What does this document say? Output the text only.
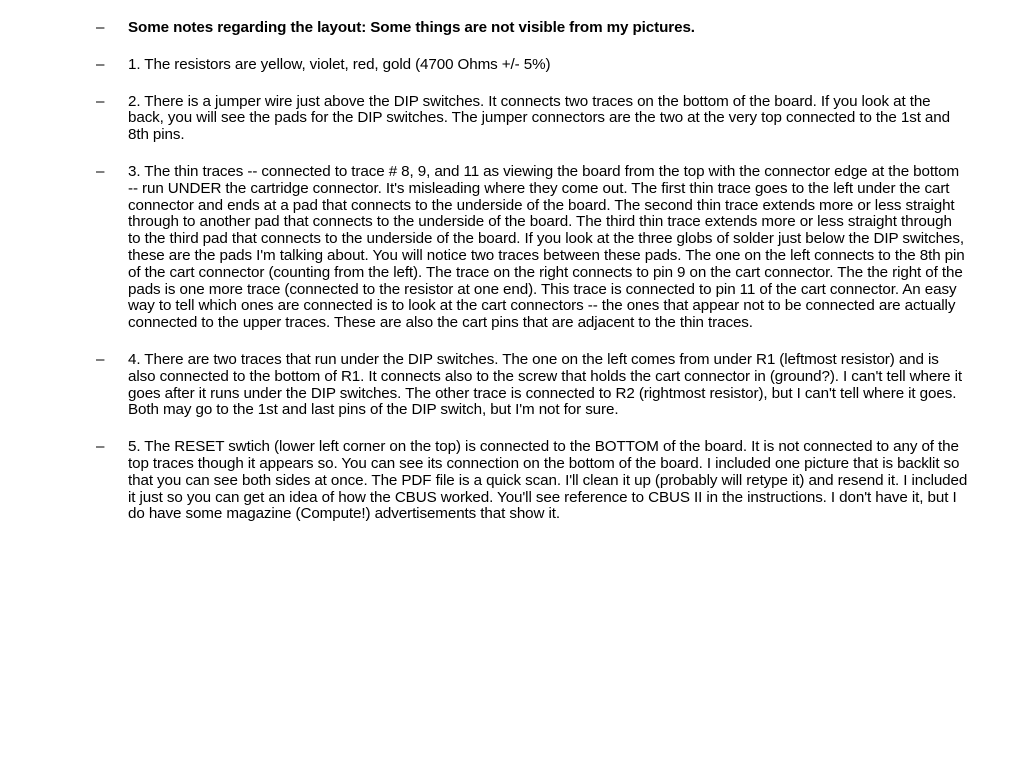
– Some notes regarding the layout: Some things are not visible from my pictures.
– 1. The resistors are yellow, violet, red, gold (4700 Ohms +/- 5%)
– 2. There is a jumper wire just above the DIP switches. It connects two traces on the bottom of the board. If you look at the back, you will see the pads for the DIP switches. The jumper connectors are the two at the very top connected to the 1st and 8th pins.
– 3. The thin traces -- connected to trace # 8, 9, and 11 as viewing the board from the top with the connector edge at the bottom -- run UNDER the cartridge connector. It's misleading where they come out. The first thin trace goes to the left under the cart connector and ends at a pad that connects to the underside of the board. The second thin trace extends more or less straight through to another pad that connects to the underside of the board. The third thin trace extends more or less straight through to the third pad that connects to the underside of the board. If you look at the three globs of solder just below the DIP switches, these are the pads I'm talking about. You will notice two traces between these pads. The one on the left connects to the 8th pin of the cart connector (counting from the left). The trace on the right connects to pin 9 on the cart connector. The the right of the pads is one more trace (connected to the resistor at one end). This trace is connected to pin 11 of the cart connector. An easy way to tell which ones are connected is to look at the cart connectors -- the ones that appear not to be connected are actually connected to the upper traces. These are also the cart pins that are adjacent to the thin traces.
– 4. There are two traces that run under the DIP switches. The one on the left comes from under R1 (leftmost resistor) and is also connected to the bottom of R1. It connects also to the screw that holds the cart connector in (ground?). I can't tell where it goes after it runs under the DIP switches. The other trace is connected to R2 (rightmost resistor), but I can't tell where it goes. Both may go to the 1st and last pins of the DIP switch, but I'm not for sure.
– 5. The RESET swtich (lower left corner on the top) is connected to the BOTTOM of the board. It is not connected to any of the top traces though it appears so. You can see its connection on the bottom of the board. I included one picture that is backlit so that you can see both sides at once. The PDF file is a quick scan. I'll clean it up (probably will retype it) and resend it. I included it just so you can get an idea of how the CBUS worked. You'll see reference to CBUS II in the instructions. I don't have it, but I do have some magazine (Compute!) advertisements that show it.
